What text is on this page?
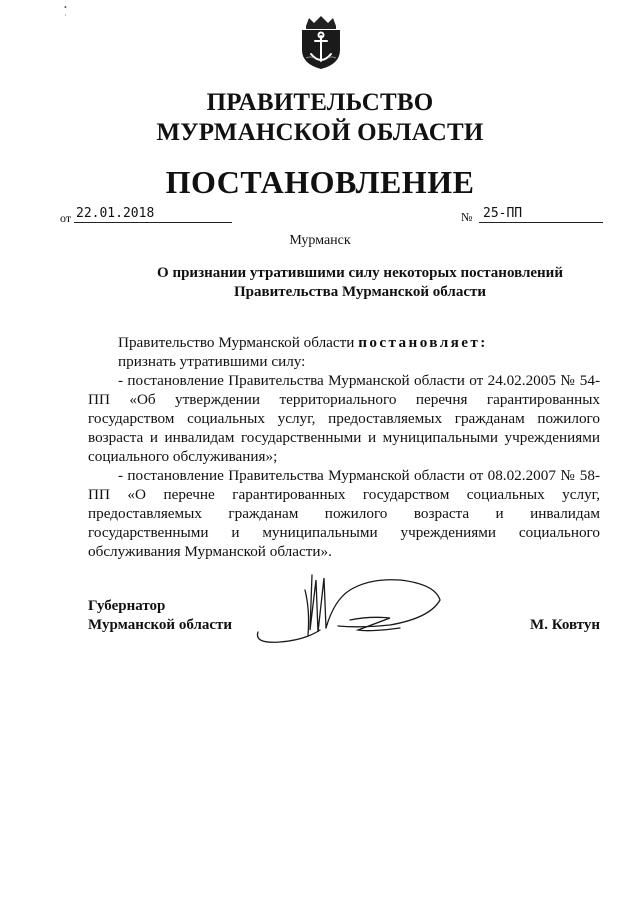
•
·
ПРАВИТЕЛЬСТВО
МУРМАНСКОЙ ОБЛАСТИ
ПОСТАНОВЛЕНИЕ
от 22.01.2018	№ 25-ПП
Мурманск
О признании утратившими силу некоторых постановлений
Правительства Мурманской области

Правительство Мурманской области постановляет:

признать утратившими силу:

- постановление Правительства Мурманской области от 24.02.2005 № 54-ПП «Об утверждении территориального перечня гарантированных государством социальных услуг, предоставляемых гражданам пожилого возраста и инвалидам государственными и муниципальными учреждениями социального обслуживания»;

- постановление Правительства Мурманской области от 08.02.2007 № 58-ПП «О перечне гарантированных государством социальных услуг, предоставляемых гражданам пожилого возраста и инвалидам государственными и муниципальными учреждениями социального обслуживания Мурманской области».

Губернатор
Мурманской области	М. Ковтун
